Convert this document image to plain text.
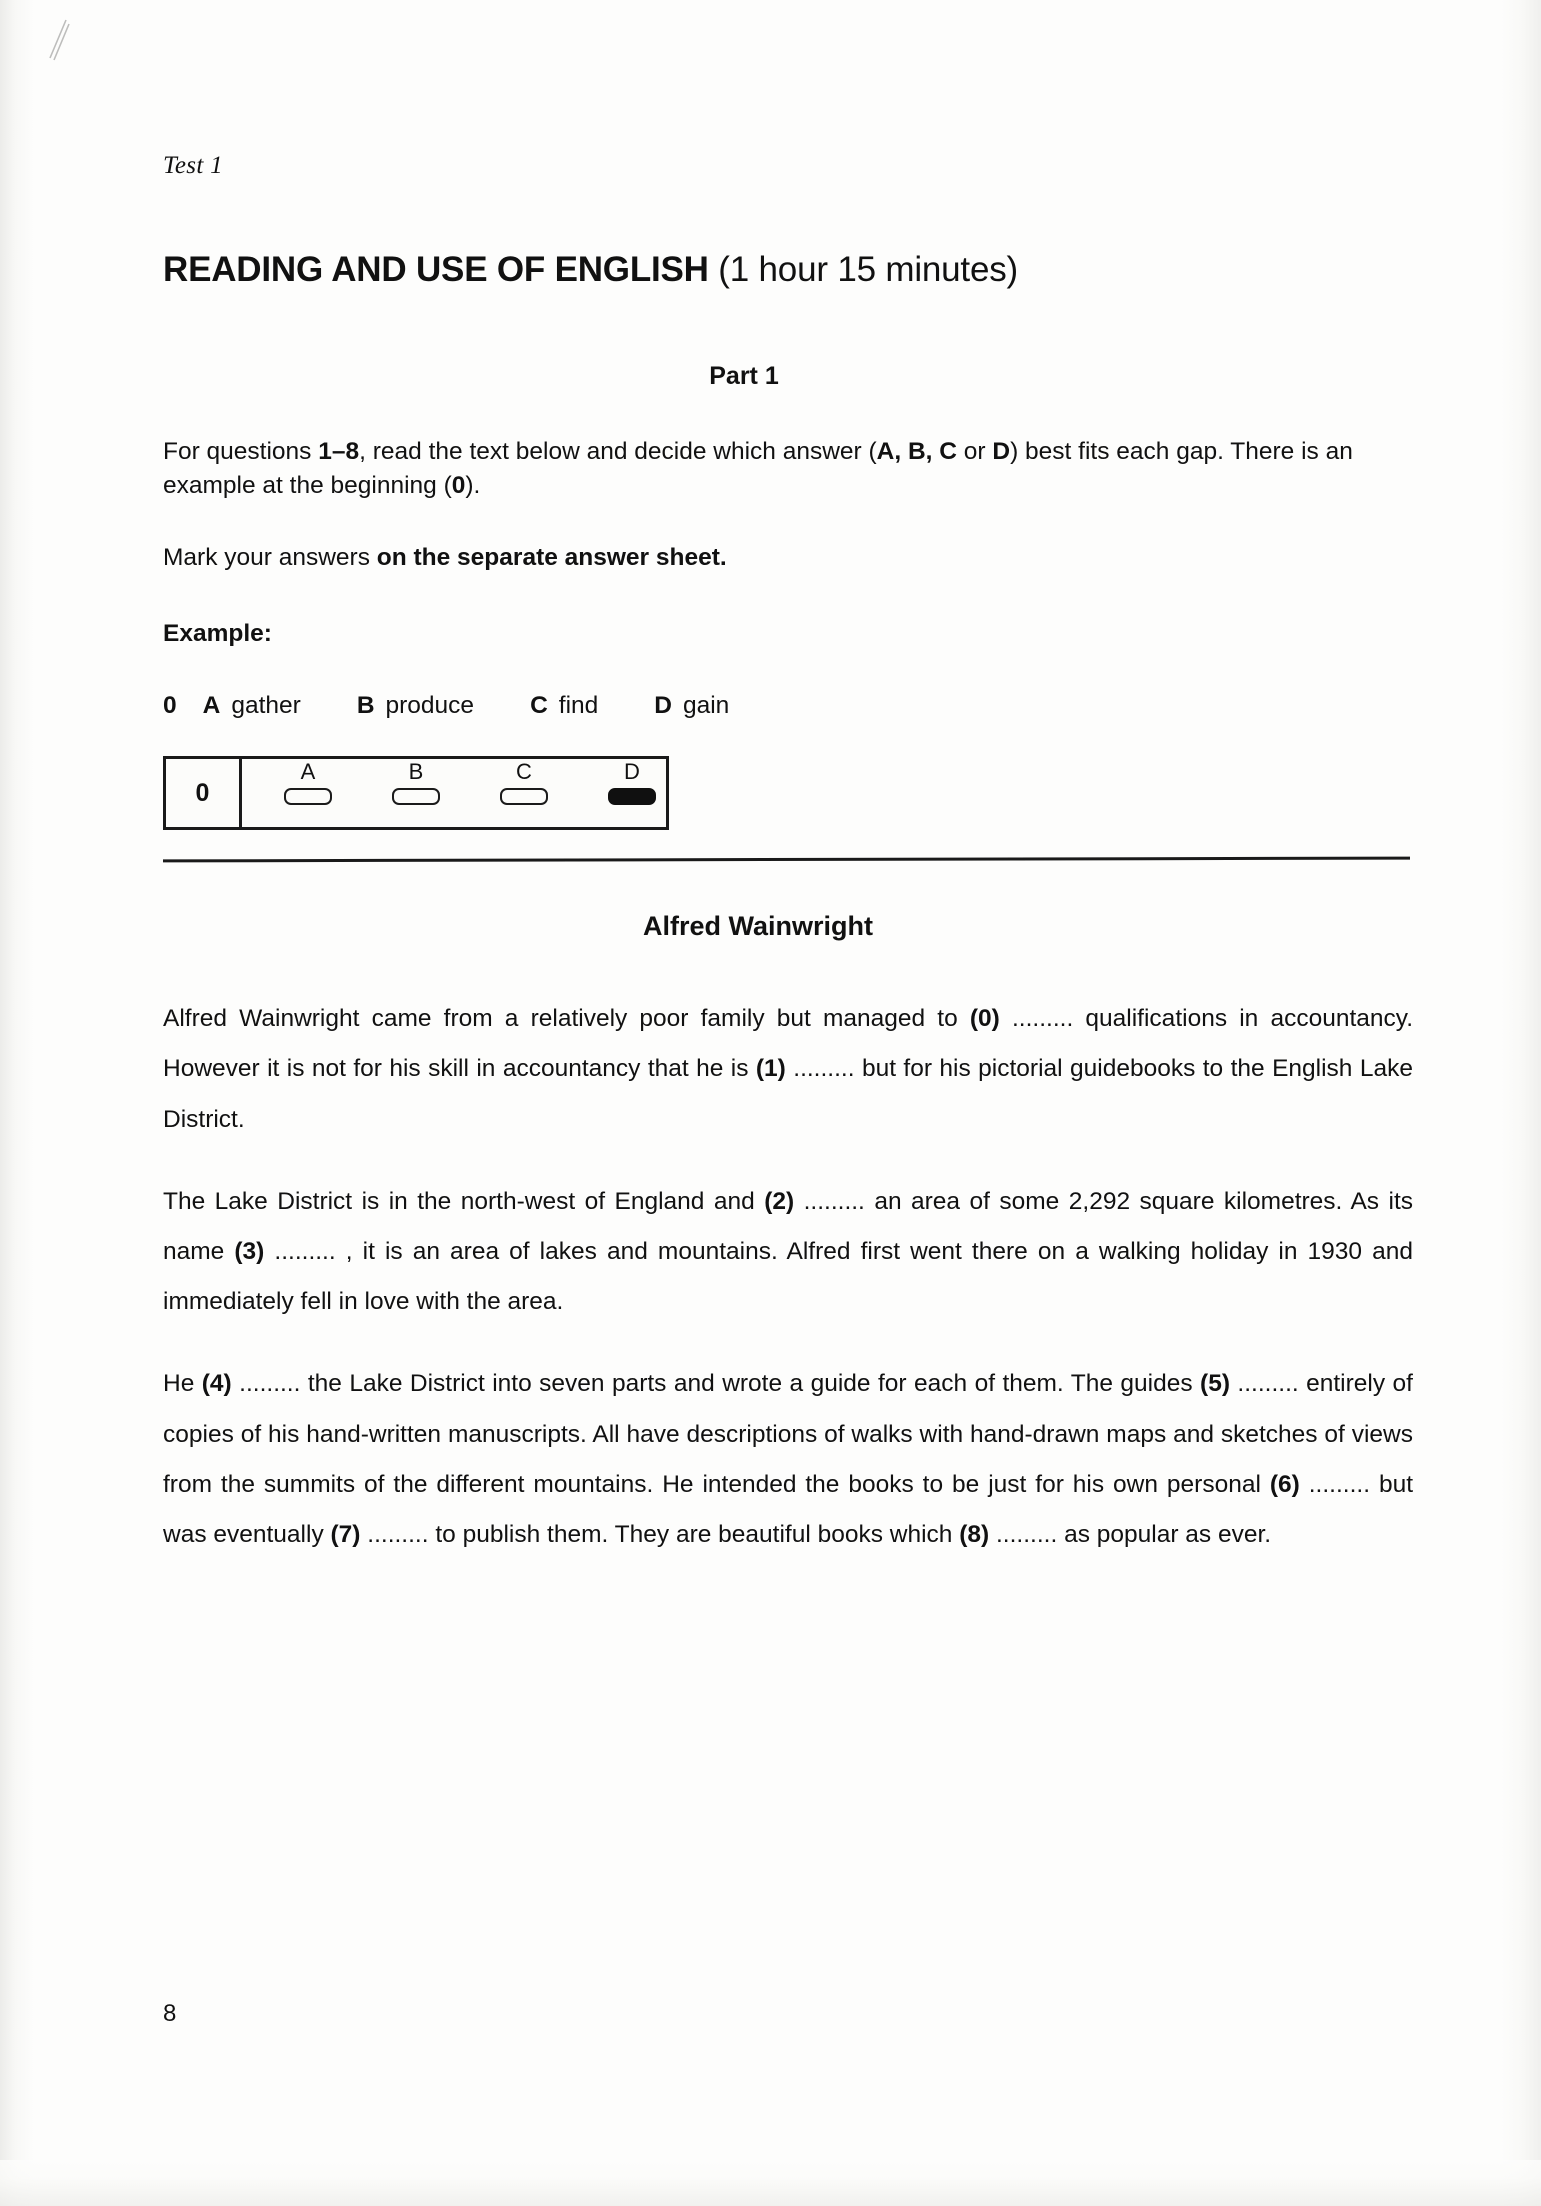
Test 1
READING AND USE OF ENGLISH (1 hour 15 minutes)
Part 1
For questions 1–8, read the text below and decide which answer (A, B, C or D) best fits each gap. There is an example at the beginning (0).
Mark your answers on the separate answer sheet.
Example:
0 A gather B produce C find D gain
0
A	B	C	D
Alfred Wainwright

Alfred Wainwright came from a relatively poor family but managed to (0) ......... qualifications in accountancy. However it is not for his skill in accountancy that he is (1) ......... but for his pictorial guidebooks to the English Lake District.

The Lake District is in the north-west of England and (2) ......... an area of some 2,292 square kilometres. As its name (3) ......... , it is an area of lakes and mountains. Alfred first went there on a walking holiday in 1930 and immediately fell in love with the area.

He (4) ......... the Lake District into seven parts and wrote a guide for each of them. The guides (5) ......... entirely of copies of his hand-written manuscripts. All have descriptions of walks with hand-drawn maps and sketches of views from the summits of the different mountains. He intended the books to be just for his own personal (6) ......... but was eventually (7) ......... to publish them. They are beautiful books which (8) ......... as popular as ever.

8
